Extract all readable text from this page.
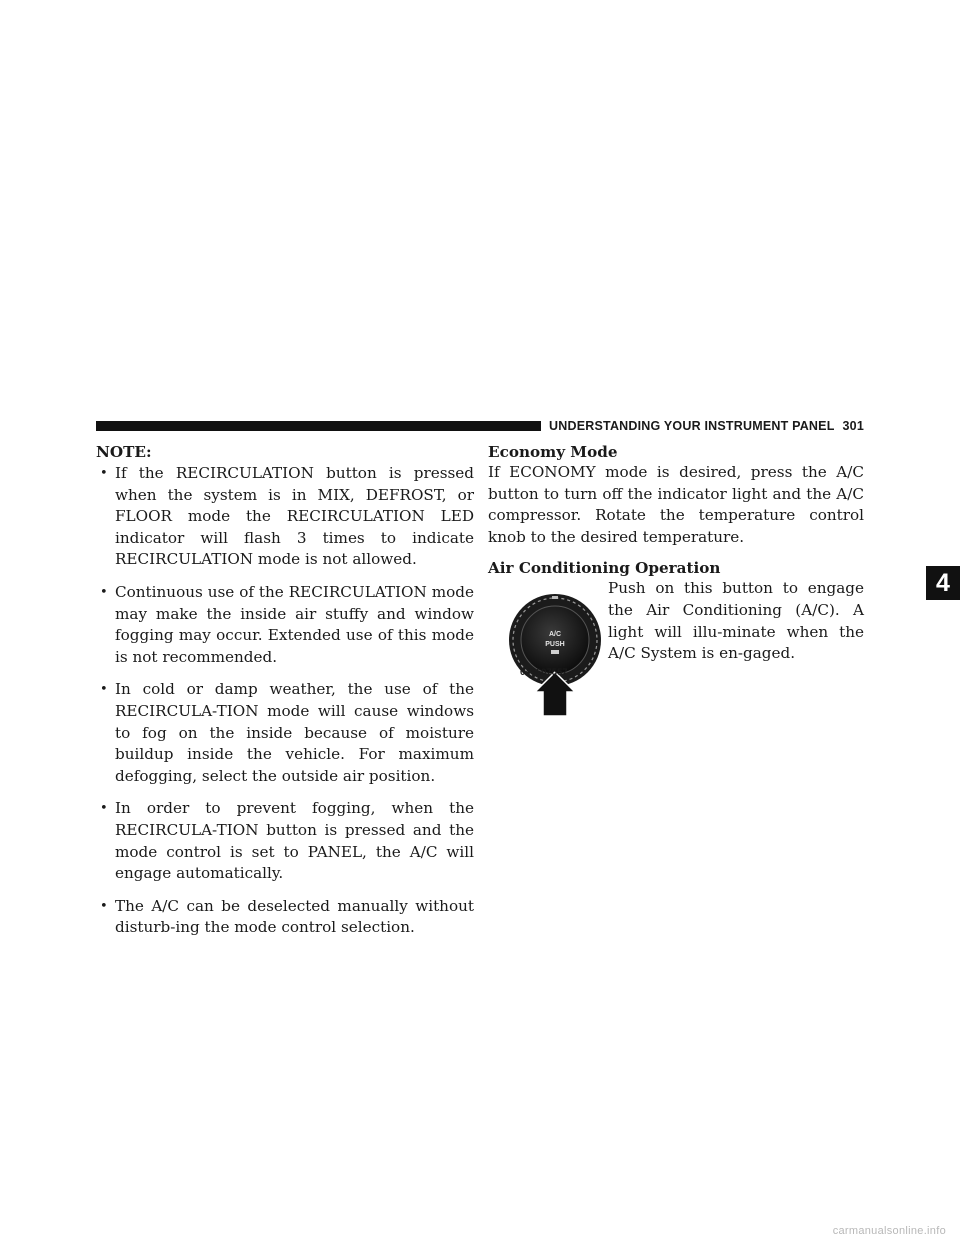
UNDERSTANDING YOUR INSTRUMENT PANEL 301
NOTE:
• If the RECIRCULATION button is pressed when the system is in MIX, DEFROST, or FLOOR mode the RECIRCULATION LED indicator will flash 3 times to indicate RECIRCULATION mode is not allowed.
• Continuous use of the RECIRCULATION mode may make the inside air stuffy and window fogging may occur. Extended use of this mode is not recommended.
• In cold or damp weather, the use of the RECIRCULA-TION mode will cause windows to fog on the inside because of moisture buildup inside the vehicle. For maximum defogging, select the outside air position.
• In order to prevent fogging, when the RECIRCULA-TION button is pressed and the mode control is set to PANEL, the A/C will engage automatically.
• The A/C can be deselected manually without disturb-ing the mode control selection.
Economy Mode

If ECONOMY mode is desired, press the A/C button to turn off the indicator light and the A/C compressor. Rotate the temperature control knob to the desired temperature.

Air Conditioning Operation
Push on this button to engage the Air Conditioning (A/C). A light will illu-minate when the A/C System is en-gaged.
A/C
PUSH
045607557
4
carmanualsonline.info
